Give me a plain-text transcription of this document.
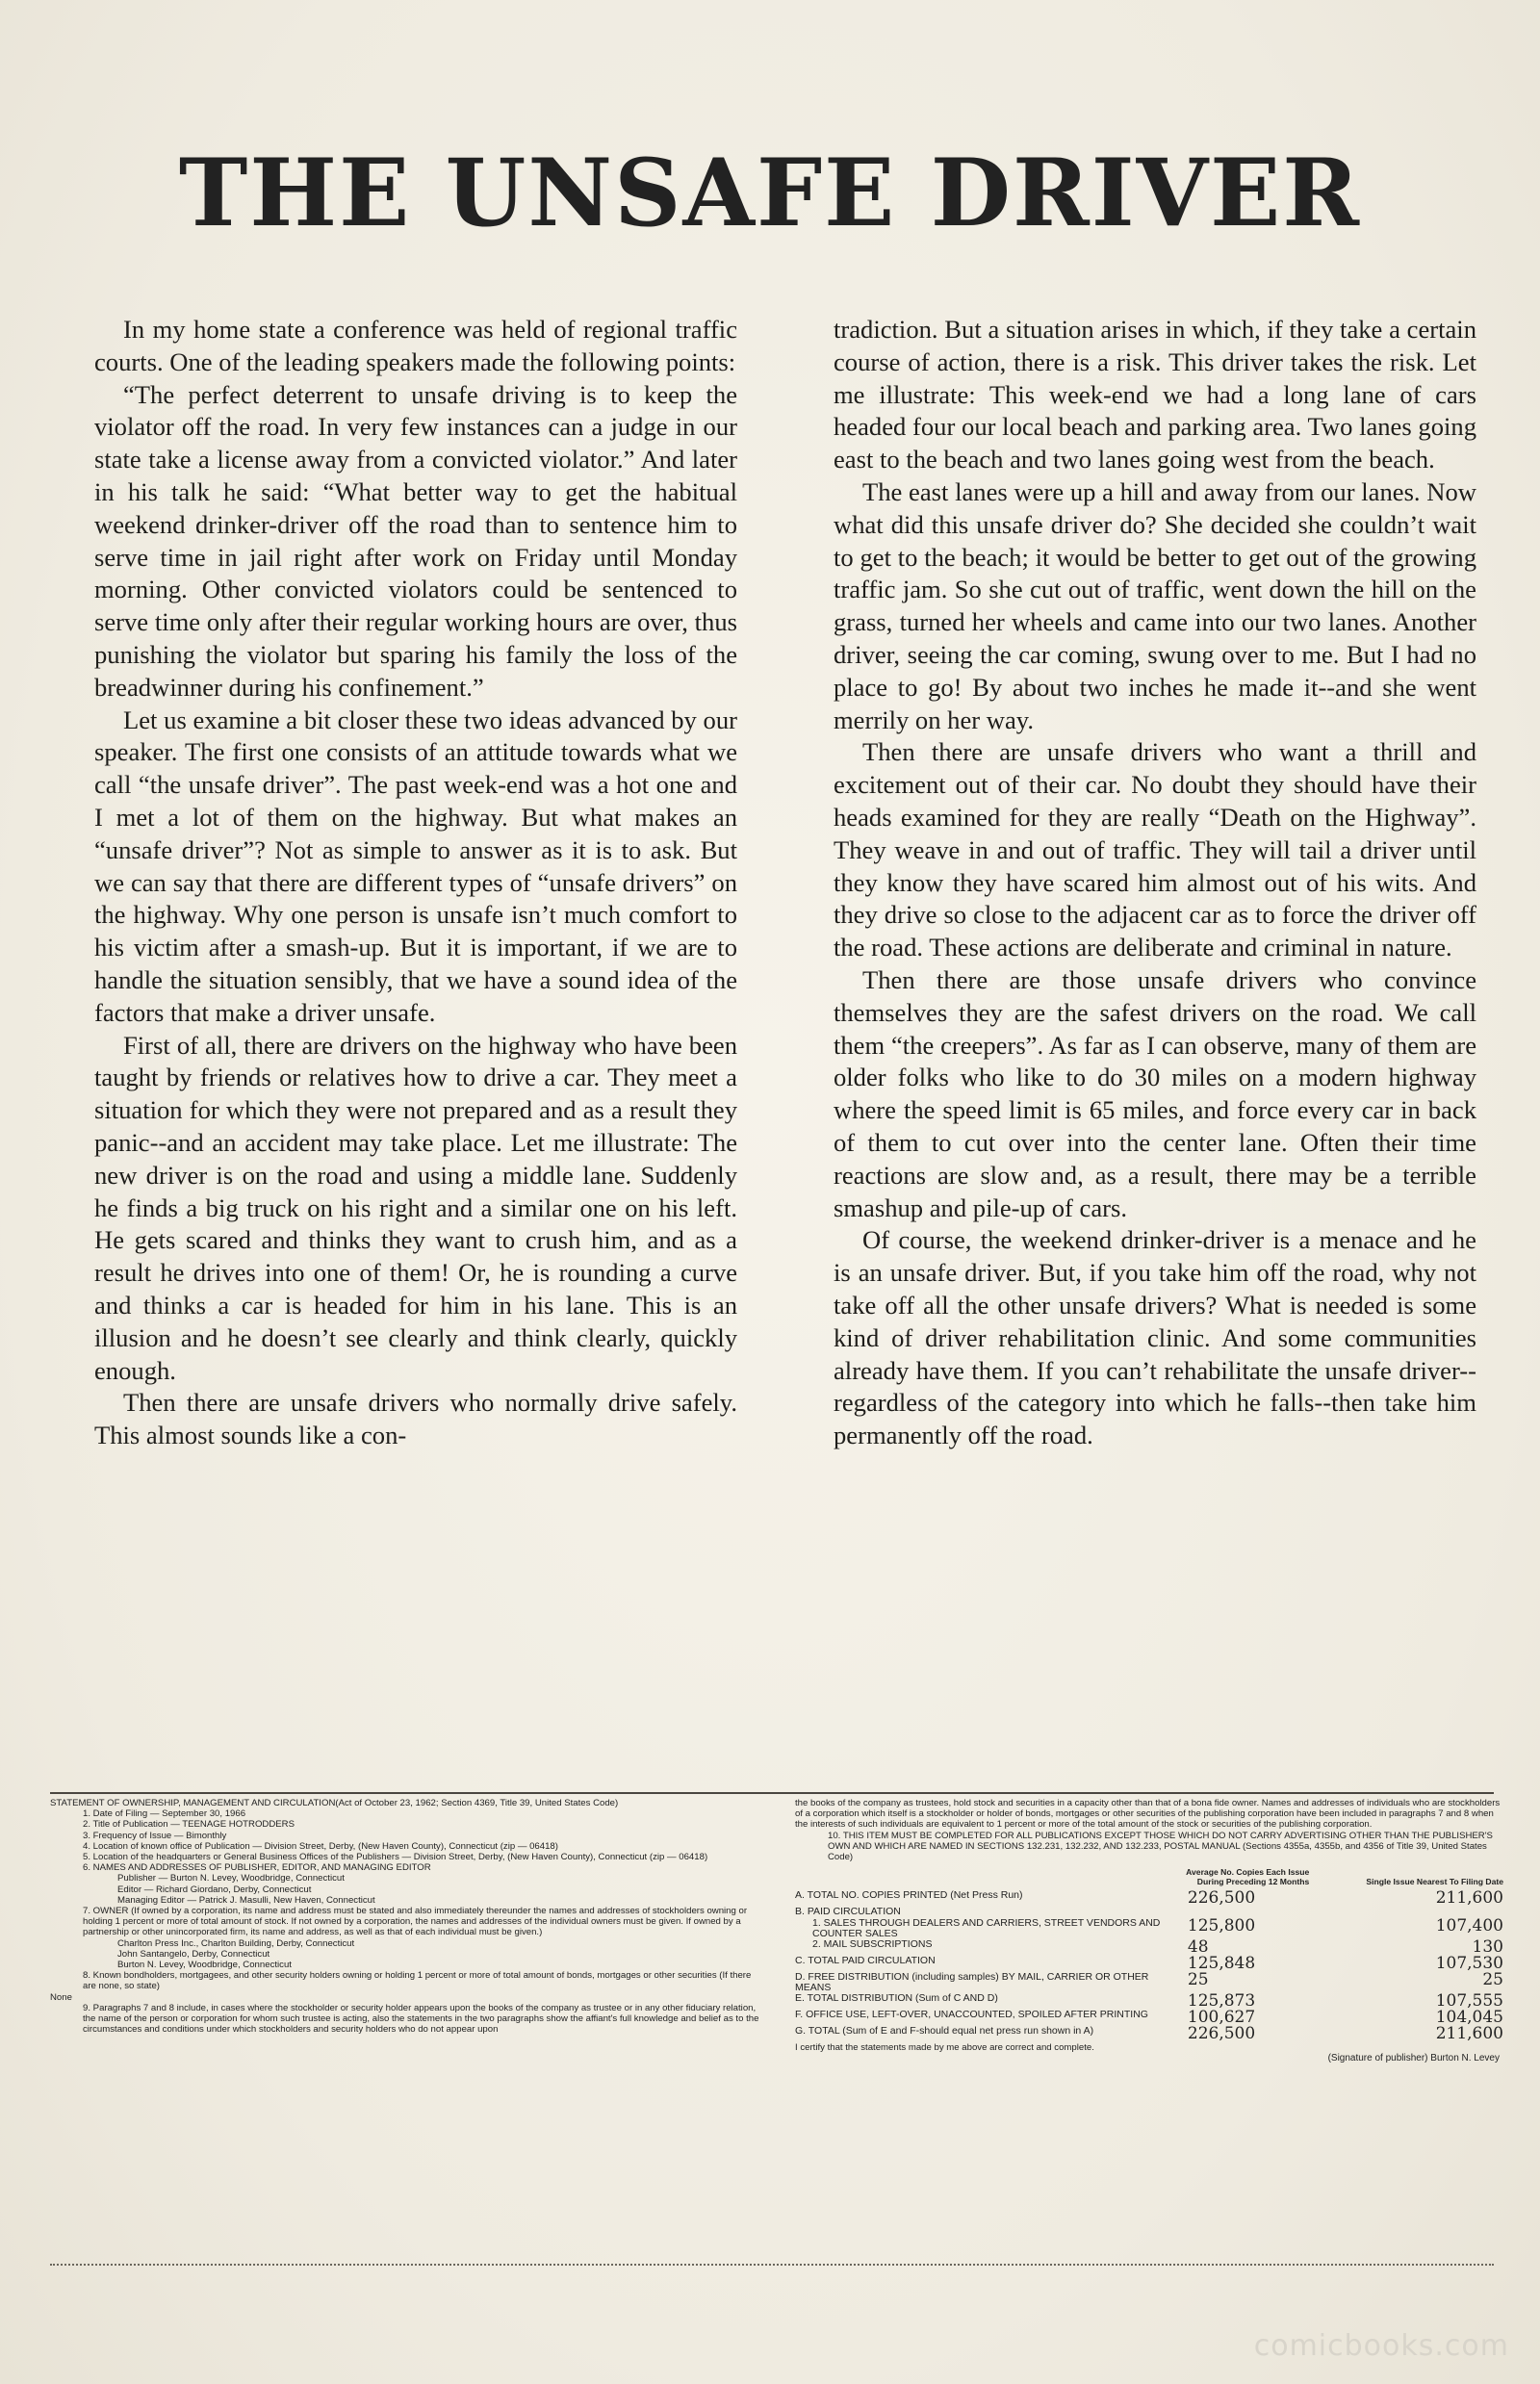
THE UNSAFE DRIVER

In my home state a conference was held of regional traffic courts. One of the leading speakers made the following points:

“The perfect deterrent to unsafe driving is to keep the violator off the road. In very few instances can a judge in our state take a license away from a convicted violator.” And later in his talk he said: “What better way to get the habitual weekend drinker-driver off the road than to sentence him to serve time in jail right after work on Friday until Monday morning. Other convicted violators could be sentenced to serve time only after their regular working hours are over, thus punishing the violator but sparing his family the loss of the breadwinner during his confinement.”

Let us examine a bit closer these two ideas advanced by our speaker. The first one consists of an attitude towards what we call “the unsafe driver”. The past week-end was a hot one and I met a lot of them on the highway. But what makes an “unsafe driver”? Not as simple to answer as it is to ask. But we can say that there are different types of “unsafe drivers” on the highway. Why one person is unsafe isn’t much comfort to his victim after a smash-up. But it is important, if we are to handle the situation sensibly, that we have a sound idea of the factors that make a driver unsafe.

First of all, there are drivers on the highway who have been taught by friends or relatives how to drive a car. They meet a situation for which they were not prepared and as a result they panic--and an accident may take place. Let me illustrate: The new driver is on the road and using a middle lane. Suddenly he finds a big truck on his right and a similar one on his left. He gets scared and thinks they want to crush him, and as a result he drives into one of them! Or, he is rounding a curve and thinks a car is headed for him in his lane. This is an illusion and he doesn’t see clearly and think clearly, quickly enough.

Then there are unsafe drivers who normally drive safely. This almost sounds like a con-

tradiction. But a situation arises in which, if they take a certain course of action, there is a risk. This driver takes the risk. Let me illustrate: This week-end we had a long lane of cars headed four our local beach and parking area. Two lanes going east to the beach and two lanes going west from the beach.

The east lanes were up a hill and away from our lanes. Now what did this unsafe driver do? She decided she couldn’t wait to get to the beach; it would be better to get out of the growing traffic jam. So she cut out of traffic, went down the hill on the grass, turned her wheels and came into our two lanes. Another driver, seeing the car coming, swung over to me. But I had no place to go! By about two inches he made it--and she went merrily on her way.

Then there are unsafe drivers who want a thrill and excitement out of their car. No doubt they should have their heads examined for they are really “Death on the Highway”. They weave in and out of traffic. They will tail a driver until they know they have scared him almost out of his wits. And they drive so close to the adjacent car as to force the driver off the road. These actions are deliberate and criminal in nature.

Then there are those unsafe drivers who convince themselves they are the safest drivers on the road. We call them “the creepers”. As far as I can observe, many of them are older folks who like to do 30 miles on a modern highway where the speed limit is 65 miles, and force every car in back of them to cut over into the center lane. Often their time reactions are slow and, as a result, there may be a terrible smashup and pile-up of cars.

Of course, the weekend drinker-driver is a menace and he is an unsafe driver. But, if you take him off the road, why not take off all the other unsafe drivers? What is needed is some kind of driver rehabilitation clinic. And some communities already have them. If you can’t rehabilitate the unsafe driver--regardless of the category into which he falls--then take him permanently off the road.

STATEMENT OF OWNERSHIP, MANAGEMENT AND CIRCULATION(Act of October 23, 1962; Section 4369, Title 39, United States Code)

1. Date of Filing — September 30, 1966

2. Title of Publication — TEENAGE HOTRODDERS

3. Frequency of Issue — Bimonthly

4. Location of known office of Publication — Division Street, Derby, (New Haven County), Connecticut (zip — 06418)

5. Location of the headquarters or General Business Offices of the Publishers — Division Street, Derby, (New Haven County), Connecticut (zip — 06418)

6. NAMES AND ADDRESSES OF PUBLISHER, EDITOR, AND MANAGING EDITOR

Publisher — Burton N. Levey, Woodbridge, Connecticut

Editor — Richard Giordano, Derby, Connecticut

Managing Editor — Patrick J. Masulli, New Haven, Connecticut

7. OWNER (If owned by a corporation, its name and address must be stated and also immediately thereunder the names and addresses of stockholders owning or holding 1 percent or more of total amount of stock. If not owned by a corporation, the names and addresses of the individual owners must be given. If owned by a partnership or other unincorporated firm, its name and address, as well as that of each individual must be given.)

Charlton Press Inc., Charlton Building, Derby, Connecticut

John Santangelo, Derby, Connecticut

Burton N. Levey, Woodbridge, Connecticut

8. Known bondholders, mortgagees, and other security holders owning or holding 1 percent or more of total amount of bonds, mortgages or other securities (If there are none, so state)

None

9. Paragraphs 7 and 8 include, in cases where the stockholder or security holder appears upon the books of the company as trustee or in any other fiduciary relation, the name of the person or corporation for whom such trustee is acting, also the statements in the two paragraphs show the affiant's full knowledge and belief as to the circumstances and conditions under which stockholders and security holders who do not appear upon

the books of the company as trustees, hold stock and securities in a capacity other than that of a bona fide owner. Names and addresses of individuals who are stockholders of a corporation which itself is a stockholder or holder of bonds, mortgages or other securities of the publishing corporation have been included in paragraphs 7 and 8 when the interests of such individuals are equivalent to 1 percent or more of the total amount of the stock or securities of the publishing corporation.

10. THIS ITEM MUST BE COMPLETED FOR ALL PUBLICATIONS EXCEPT THOSE WHICH DO NOT CARRY ADVERTISING OTHER THAN THE PUBLISHER'S OWN AND WHICH ARE NAMED IN SECTIONS 132.231, 132.232, AND 132.233, POSTAL MANUAL (Sections 4355a, 4355b, and 4356 of Title 39, United States Code)

	Average No. Copies Each Issue During Preceding 12 Months	Single Issue Nearest To Filing Date
A. TOTAL NO. COPIES PRINTED (Net Press Run)	226,500	211,600
B. PAID CIRCULATION		
1. SALES THROUGH DEALERS AND CARRIERS, STREET VENDORS AND COUNTER SALES	125,800	107,400
2. MAIL SUBSCRIPTIONS	48	130
C. TOTAL PAID CIRCULATION	125,848	107,530
D. FREE DISTRIBUTION (including samples) BY MAIL, CARRIER OR OTHER MEANS	25	25
E. TOTAL DISTRIBUTION (Sum of C AND D)	125,873	107,555
F. OFFICE USE, LEFT-OVER, UNACCOUNTED, SPOILED AFTER PRINTING	100,627	104,045
G. TOTAL (Sum of E and F-should equal net press run shown in A)	226,500	211,600

I certify that the statements made by me above are correct and complete.

(Signature of publisher) Burton N. Levey

comicbooks.com
